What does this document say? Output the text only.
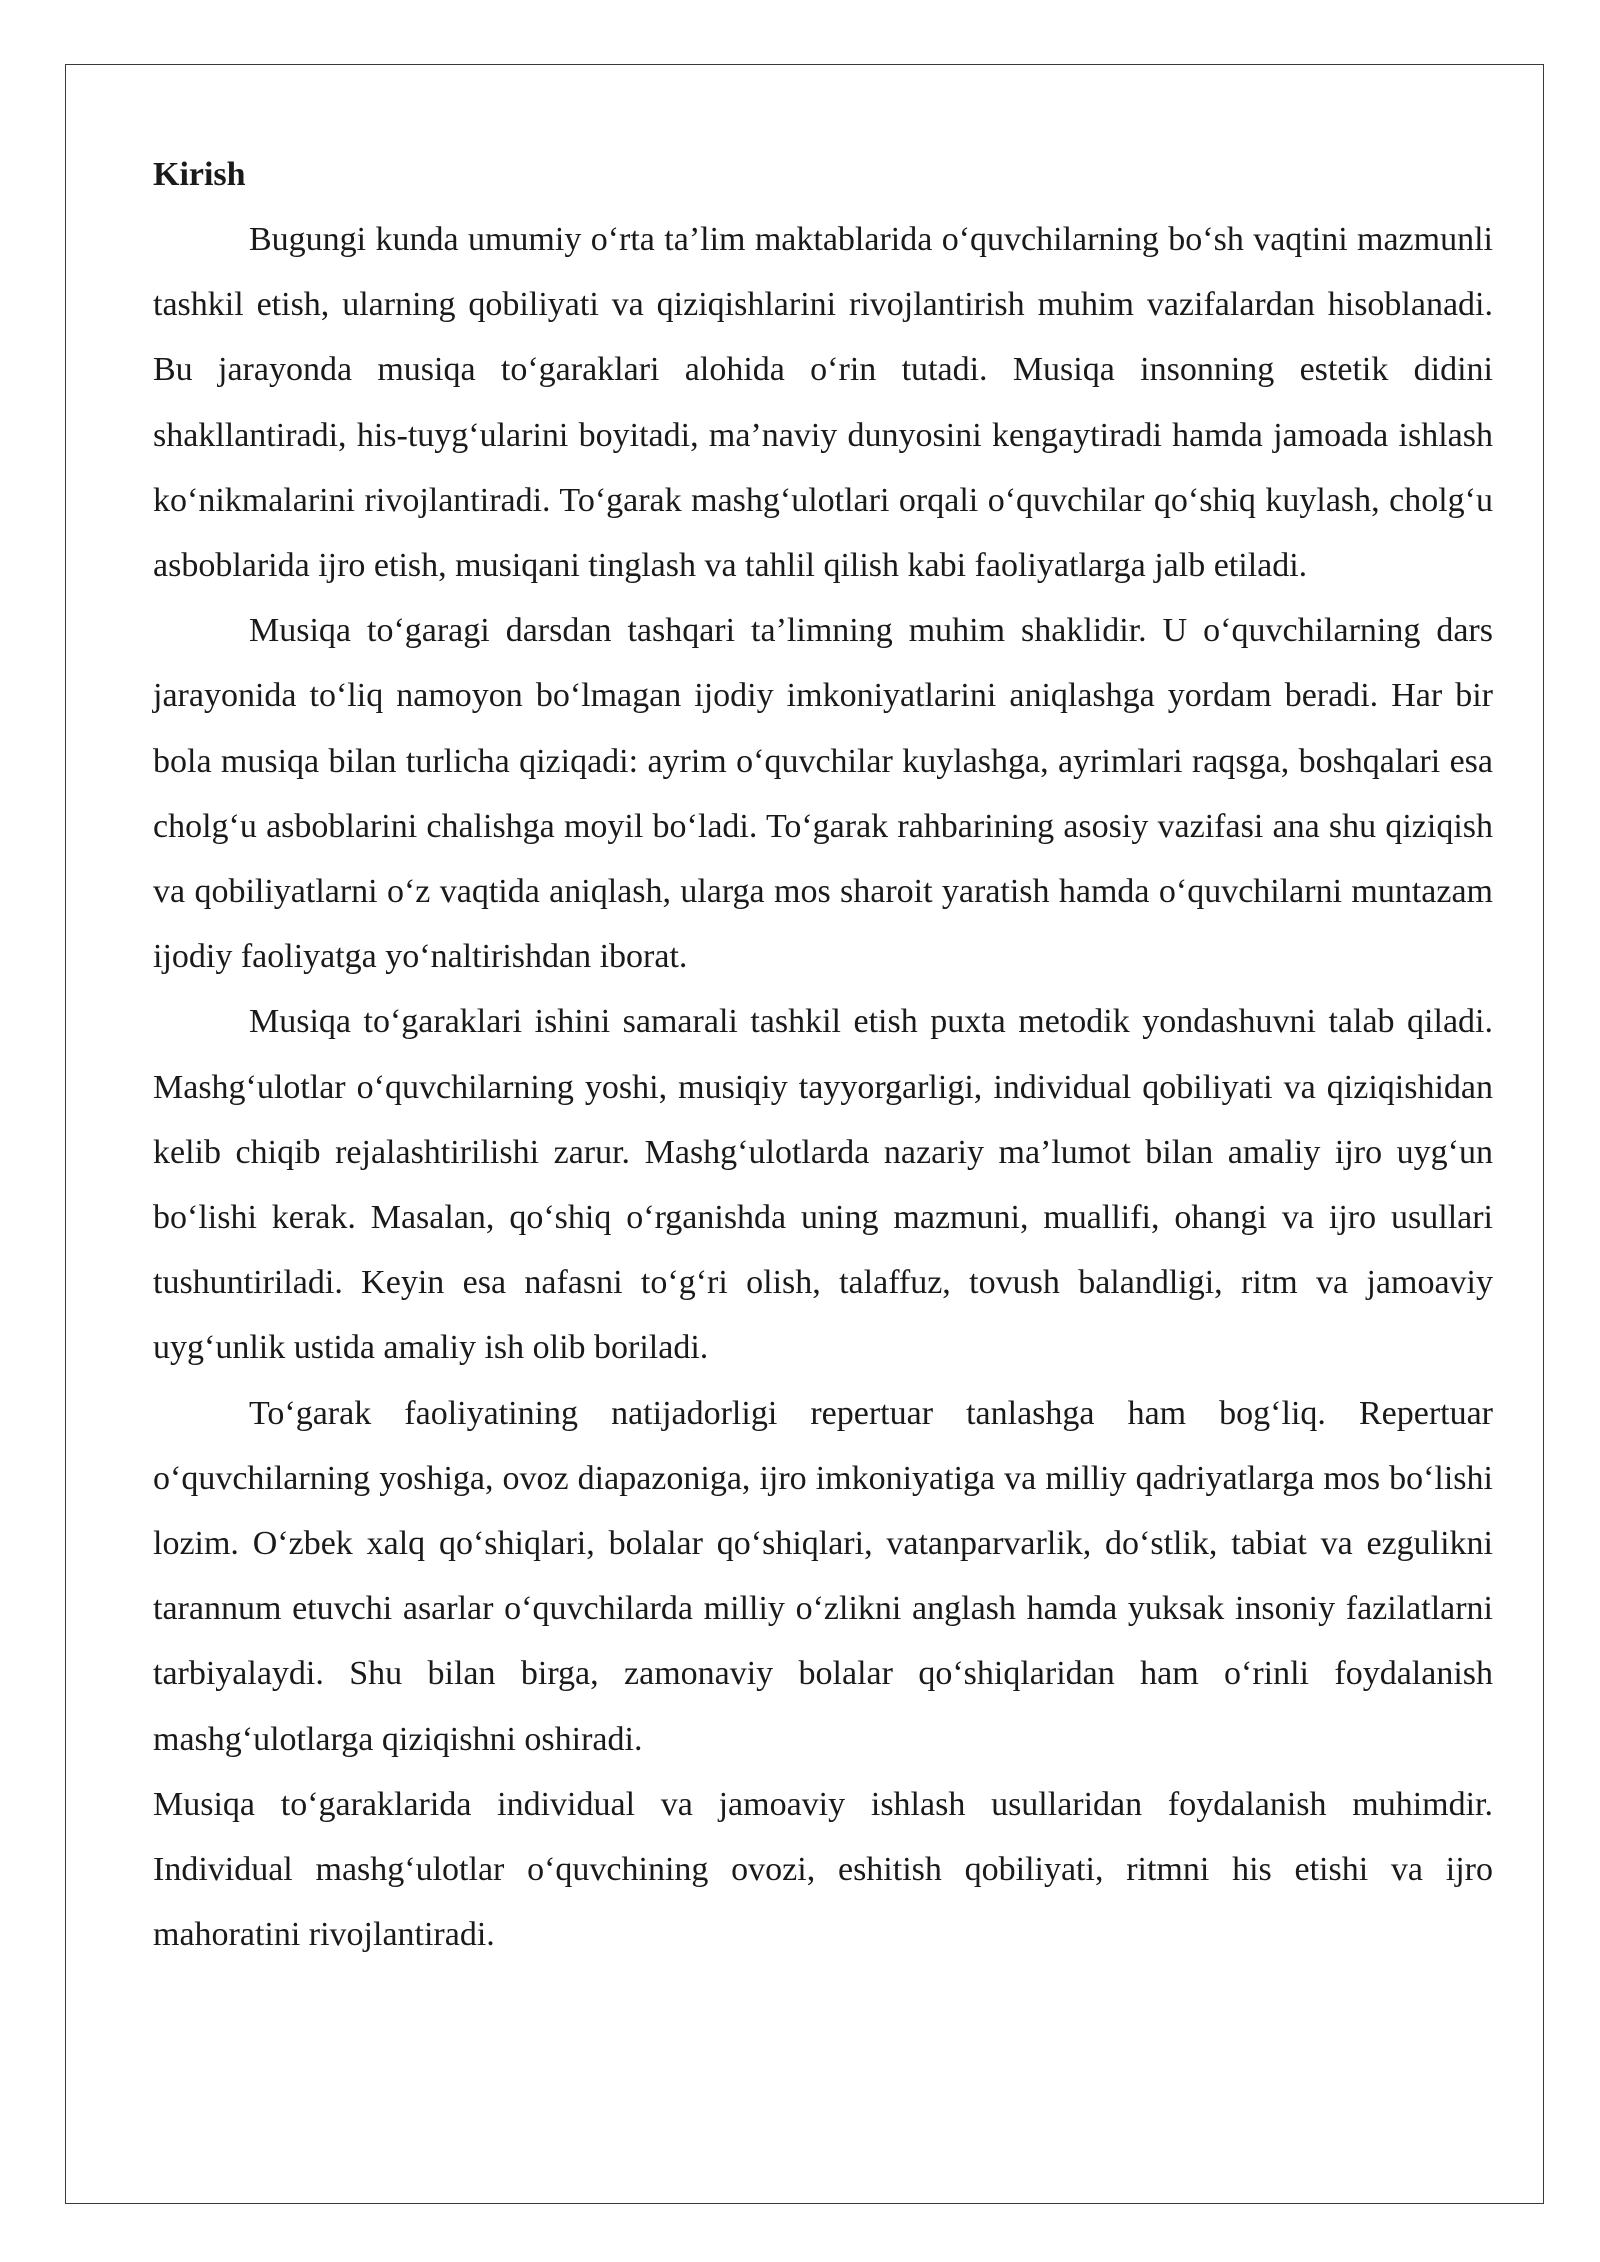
Kirish

Bugungi kunda umumiy o‘rta ta’lim maktablarida o‘quvchilarning bo‘sh vaqtini mazmunli tashkil etish, ularning qobiliyati va qiziqishlarini rivojlantirish muhim vazifalardan hisoblanadi. Bu jarayonda musiqa to‘garaklari alohida o‘rin tutadi. Musiqa insonning estetik didini shakllantiradi, his-tuyg‘ularini boyitadi, ma’naviy dunyosini kengaytiradi hamda jamoada ishlash ko‘nikmalarini rivojlantiradi. To‘garak mashg‘ulotlari orqali o‘quvchilar qo‘shiq kuylash, cholg‘u asboblarida ijro etish, musiqani tinglash va tahlil qilish kabi faoliyatlarga jalb etiladi.

Musiqa to‘garagi darsdan tashqari ta’limning muhim shaklidir. U o‘quvchilarning dars jarayonida to‘liq namoyon bo‘lmagan ijodiy imkoniyatlarini aniqlashga yordam beradi. Har bir bola musiqa bilan turlicha qiziqadi: ayrim o‘quvchilar kuylashga, ayrimlari raqsga, boshqalari esa cholg‘u asboblarini chalishga moyil bo‘ladi. To‘garak rahbarining asosiy vazifasi ana shu qiziqish va qobiliyatlarni o‘z vaqtida aniqlash, ularga mos sharoit yaratish hamda o‘quvchilarni muntazam ijodiy faoliyatga yo‘naltirishdan iborat.

Musiqa to‘garaklari ishini samarali tashkil etish puxta metodik yondashuvni talab qiladi. Mashg‘ulotlar o‘quvchilarning yoshi, musiqiy tayyorgarligi, individual qobiliyati va qiziqishidan kelib chiqib rejalashtirilishi zarur. Mashg‘ulotlarda nazariy ma’lumot bilan amaliy ijro uyg‘un bo‘lishi kerak. Masalan, qo‘shiq o‘rganishda uning mazmuni, muallifi, ohangi va ijro usullari tushuntiriladi. Keyin esa nafasni to‘g‘ri olish, talaffuz, tovush balandligi, ritm va jamoaviy uyg‘unlik ustida amaliy ish olib boriladi.

To‘garak faoliyatining natijadorligi repertuar tanlashga ham bog‘liq. Repertuar o‘quvchilarning yoshiga, ovoz diapazoniga, ijro imkoniyatiga va milliy qadriyatlarga mos bo‘lishi lozim. O‘zbek xalq qo‘shiqlari, bolalar qo‘shiqlari, vatanparvarlik, do‘stlik, tabiat va ezgulikni tarannum etuvchi asarlar o‘quvchilarda milliy o‘zlikni anglash hamda yuksak insoniy fazilatlarni tarbiyalaydi. Shu bilan birga, zamonaviy bolalar qo‘shiqlaridan ham o‘rinli foydalanish mashg‘ulotlarga qiziqishni oshiradi.

Musiqa to‘garaklarida individual va jamoaviy ishlash usullaridan foydalanish muhimdir. Individual mashg‘ulotlar o‘quvchining ovozi, eshitish qobiliyati, ritmni his etishi va ijro mahoratini rivojlantiradi.
